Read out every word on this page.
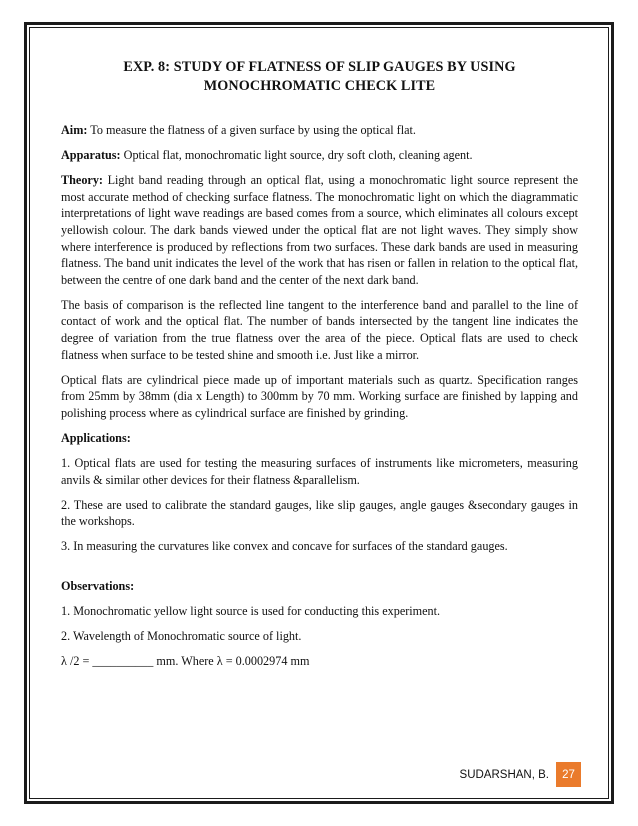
EXP. 8: STUDY OF FLATNESS OF SLIP GAUGES BY USING
MONOCHROMATIC CHECK LITE

Aim: To measure the flatness of a given surface by using the optical flat.

Apparatus: Optical flat, monochromatic light source, dry soft cloth, cleaning agent.

Theory: Light band reading through an optical flat, using a monochromatic light source represent the most accurate method of checking surface flatness. The monochromatic light on which the diagrammatic interpretations of light wave readings are based comes from a source, which eliminates all colours except yellowish colour. The dark bands viewed under the optical flat are not light waves. They simply show where interference is produced by reflections from two surfaces. These dark bands are used in measuring flatness. The band unit indicates the level of the work that has risen or fallen in relation to the optical flat, between the centre of one dark band and the center of the next dark band.

The basis of comparison is the reflected line tangent to the interference band and parallel to the line of contact of work and the optical flat. The number of bands intersected by the tangent line indicates the degree of variation from the true flatness over the area of the piece. Optical flats are used to check flatness when surface to be tested shine and smooth i.e. Just like a mirror.

Optical flats are cylindrical piece made up of important materials such as quartz. Specification ranges from 25mm by 38mm (dia x Length) to 300mm by 70 mm. Working surface are finished by lapping and polishing process where as cylindrical surface are finished by grinding.

Applications:

1. Optical flats are used for testing the measuring surfaces of instruments like micrometers, measuring anvils & similar other devices for their flatness &parallelism.

2. These are used to calibrate the standard gauges, like slip gauges, angle gauges &secondary gauges in the workshops.

3. In measuring the curvatures like convex and concave for surfaces of the standard gauges.

Observations:

1. Monochromatic yellow light source is used for conducting this experiment.

2. Wavelength of Monochromatic source of light.

λ /2 = __________ mm. Where λ = 0.0002974 mm

SUDARSHAN, B.	27
